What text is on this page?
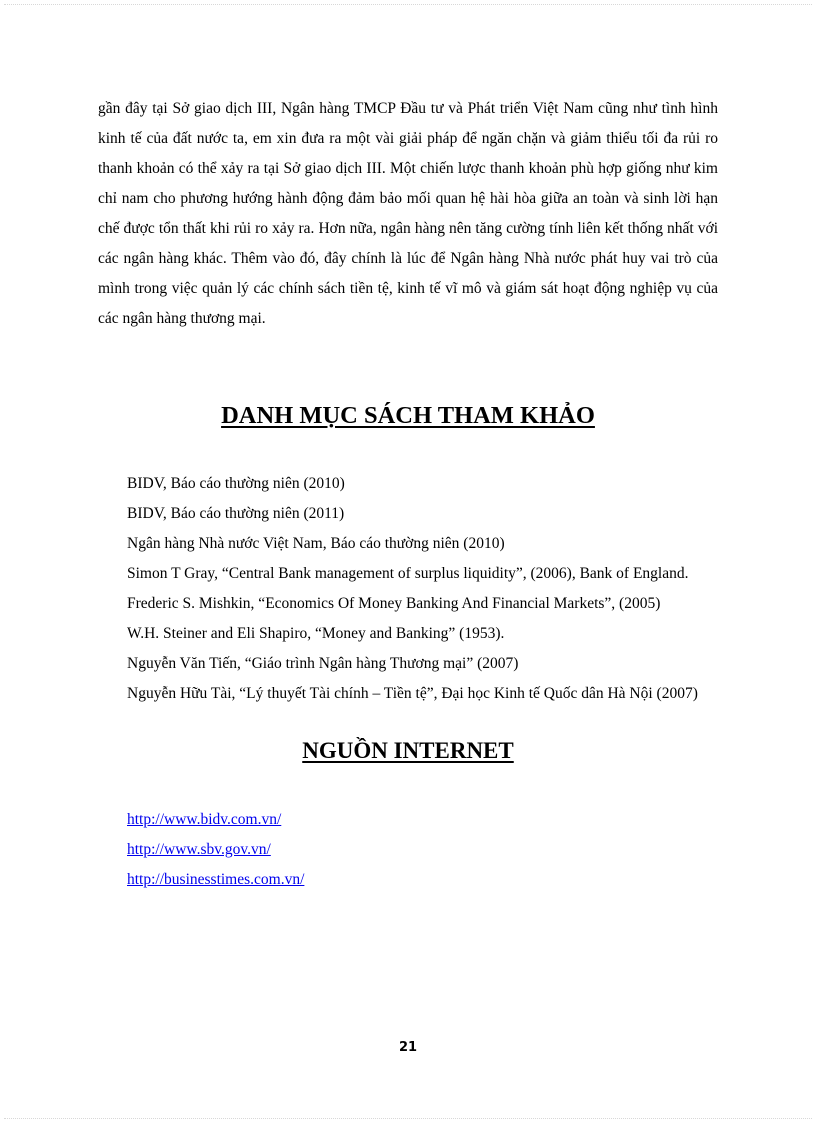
gần đây tại Sở giao dịch III, Ngân hàng TMCP Đầu tư và Phát triển Việt Nam cũng như tình hình kinh tế của đất nước ta, em xin đưa ra một vài giải pháp để ngăn chặn và giảm thiểu tối đa rủi ro thanh khoản có thể xảy ra tại Sở giao dịch III. Một chiến lược thanh khoản phù hợp giống như kim chỉ nam cho phương hướng hành động đảm bảo mối quan hệ hài hòa giữa an toàn và sinh lời hạn chế được tổn thất khi rủi ro xảy ra. Hơn nữa, ngân hàng nên tăng cường tính liên kết thống nhất với các ngân hàng khác. Thêm vào đó, đây chính là lúc để Ngân hàng Nhà nước phát huy vai trò của mình trong việc quản lý các chính sách tiền tệ, kinh tế vĩ mô và giám sát hoạt động nghiệp vụ của các ngân hàng thương mại.

DANH MỤC SÁCH THAM KHẢO
BIDV, Báo cáo thường niên (2010)
BIDV, Báo cáo thường niên (2011)
Ngân hàng Nhà nước Việt Nam, Báo cáo thường niên (2010)
Simon T Gray, “Central Bank management of surplus liquidity”, (2006), Bank of England.
Frederic S. Mishkin, “Economics Of Money Banking And Financial Markets”, (2005)
W.H. Steiner and Eli Shapiro, “Money and Banking” (1953).
Nguyễn Văn Tiến, “Giáo trình Ngân hàng Thương mại” (2007)
Nguyễn Hữu Tài, “Lý thuyết Tài chính – Tiền tệ”, Đại học Kinh tế Quốc dân Hà Nội (2007)
NGUỒN INTERNET
http://www.bidv.com.vn/
http://www.sbv.gov.vn/
http://businesstimes.com.vn/
21
